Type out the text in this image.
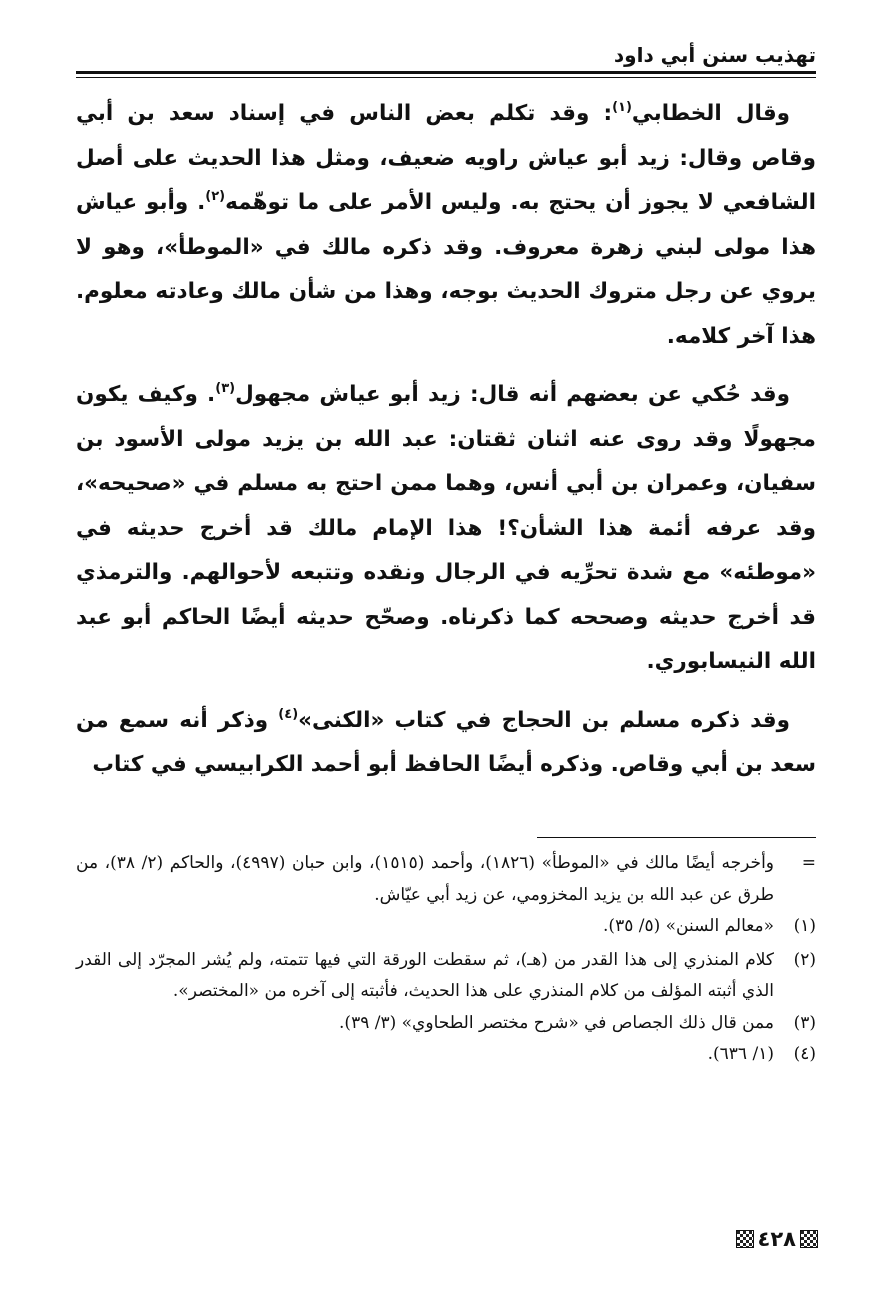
تهذيب سنن أبي داود

وقال الخطابي$^{(١)}$: وقد تكلم بعض الناس في إسناد سعد بن أبي وقاص وقال: زيد أبو عياش راويه ضعيف، ومثل هذا الحديث على أصل الشافعي لا يجوز أن يحتج به. وليس الأمر على ما توهّمه$^{(٢)}$. وأبو عياش هذا مولى لبني زهرة معروف. وقد ذكره مالك في «الموطأ»، وهو لا يروي عن رجل متروك الحديث بوجه، وهذا من شأن مالك وعادته معلوم. هذا آخر كلامه.

وقد حُكي عن بعضهم أنه قال: زيد أبو عياش مجهول$^{(٣)}$. وكيف يكون مجهولًا وقد روى عنه اثنان ثقتان: عبد الله بن يزيد مولى الأسود بن سفيان، وعمران بن أبي أنس، وهما ممن احتج به مسلم في «صحيحه»، وقد عرفه أئمة هذا الشأن؟! هذا الإمام مالك قد أخرج حديثه في «موطئه» مع شدة تحرِّيه في الرجال ونقده وتتبعه لأحوالهم. والترمذي قد أخرج حديثه وصححه كما ذكرناه. وصحّح حديثه أيضًا الحاكم أبو عبد الله النيسابوري.

وقد ذكره مسلم بن الحجاج في كتاب «الكنى»$^{(٤)}$ وذكر أنه سمع من سعد بن أبي وقاص. وذكره أيضًا الحافظ أبو أحمد الكرابيسي في كتاب

=
وأخرجه أيضًا مالك في «الموطأ» (١٨٢٦)، وأحمد (١٥١٥)، وابن حبان (٤٩٩٧)، والحاكم (٢/ ٣٨)، من طرق عن عبد الله بن يزيد المخزومي، عن زيد أبي عيّاش.
(١)
«معالم السنن» (٥/ ٣٥).
(٢)
كلام المنذري إلى هذا القدر من (هـ)، ثم سقطت الورقة التي فيها تتمته، ولم يُشر المجرّد إلى القدر الذي أثبته المؤلف من كلام المنذري على هذا الحديث، فأثبته إلى آخره من «المختصر».
(٣)
ممن قال ذلك الجصاص في «شرح مختصر الطحاوي» (٣/ ٣٩).
(٤)
(١/ ٦٣٦).
٤٢٨
